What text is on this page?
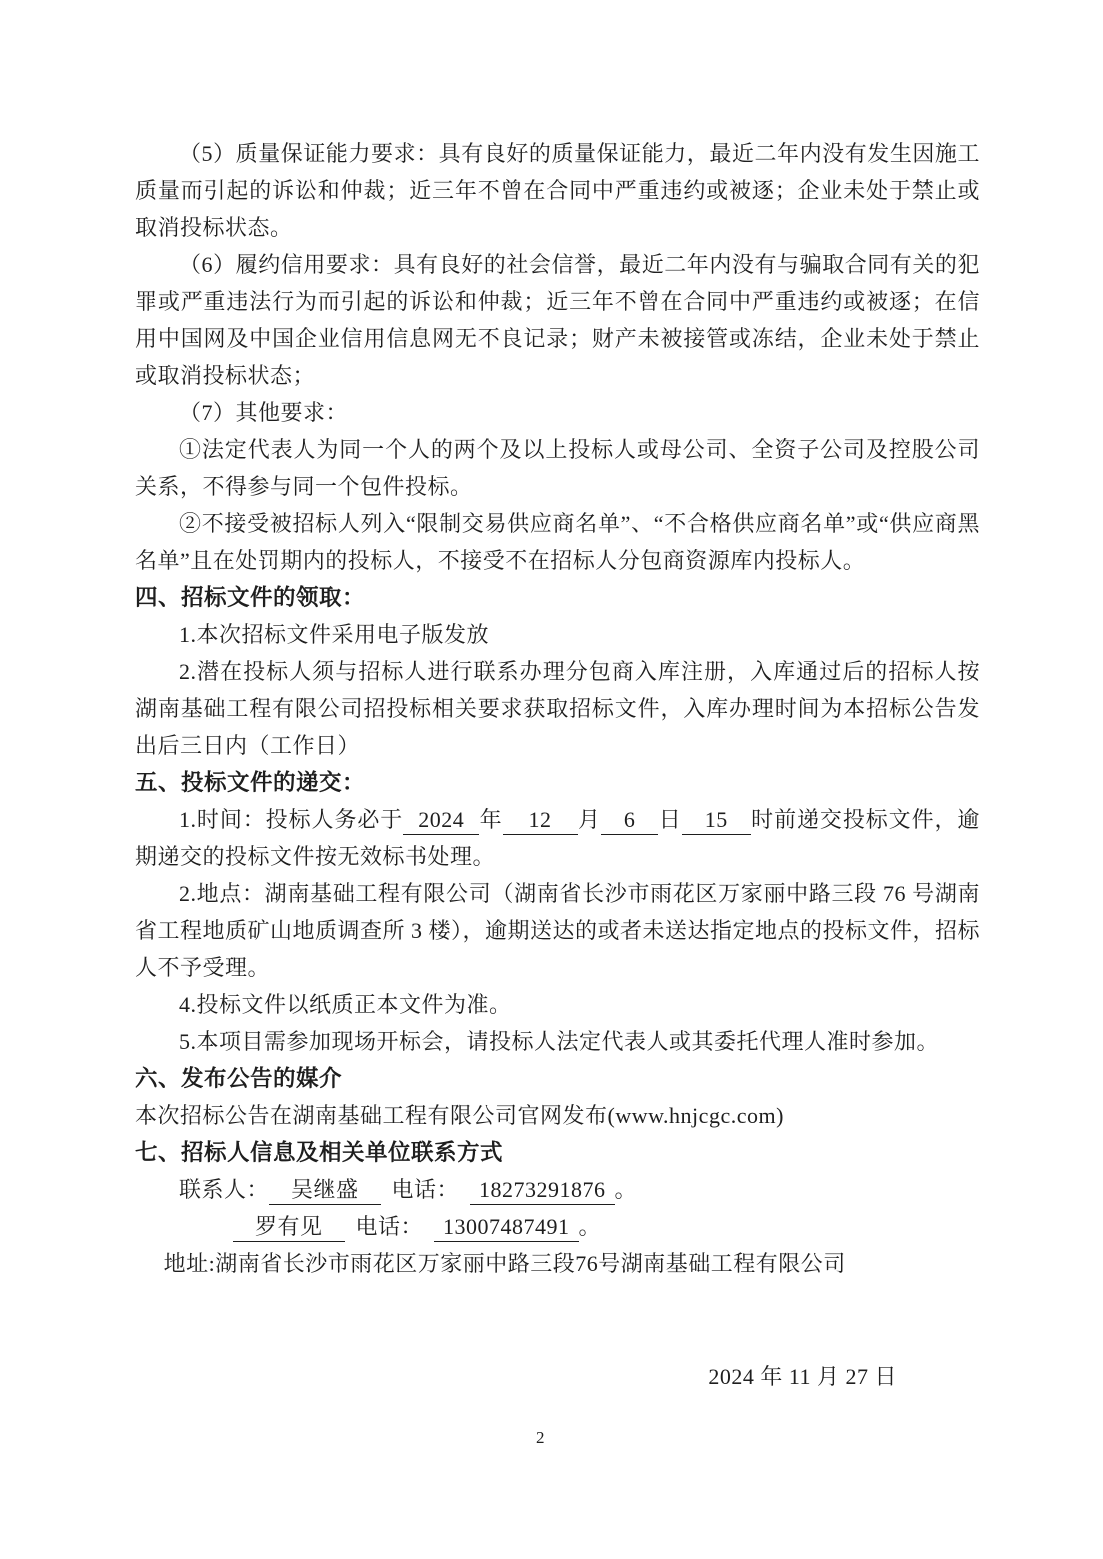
（5）质量保证能力要求：具有良好的质量保证能力，最近二年内没有发生因施工质量而引起的诉讼和仲裁；近三年不曾在合同中严重违约或被逐；企业未处于禁止或取消投标状态。

（6）履约信用要求：具有良好的社会信誉，最近二年内没有与骗取合同有关的犯罪或严重违法行为而引起的诉讼和仲裁；近三年不曾在合同中严重违约或被逐；在信用中国网及中国企业信用信息网无不良记录；财产未被接管或冻结，企业未处于禁止或取消投标状态；

（7）其他要求：

①法定代表人为同一个人的两个及以上投标人或母公司、全资子公司及控股公司关系，不得参与同一个包件投标。

②不接受被招标人列入“限制交易供应商名单”、“不合格供应商名单”或“供应商黑名单”且在处罚期内的投标人，不接受不在招标人分包商资源库内投标人。

四、招标文件的领取：

1.本次招标文件采用电子版发放

2.潜在投标人须与招标人进行联系办理分包商入库注册，入库通过后的招标人按湖南基础工程有限公司招投标相关要求获取招标文件，入库办理时间为本招标公告发出后三日内（工作日）

五、投标文件的递交：

1.时间：投标人务必于 2024 年 12 月 6 日 15 时前递交投标文件，逾期递交的投标文件按无效标书处理。

2.地点：湖南基础工程有限公司（湖南省长沙市雨花区万家丽中路三段 76 号湖南省工程地质矿山地质调查所 3 楼），逾期送达的或者未送达指定地点的投标文件，招标人不予受理。

4.投标文件以纸质正本文件为准。

5.本项目需参加现场开标会，请投标人法定代表人或其委托代理人准时参加。

六、发布公告的媒介

本次招标公告在湖南基础工程有限公司官网发布(www.hnjcgc.com)

七、招标人信息及相关单位联系方式

联系人： 吴继盛 电话： 18273291876 。

罗有见 电话： 13007487491 。

地址:湖南省长沙市雨花区万家丽中路三段76号湖南基础工程有限公司

2024 年 11 月 27 日

2
